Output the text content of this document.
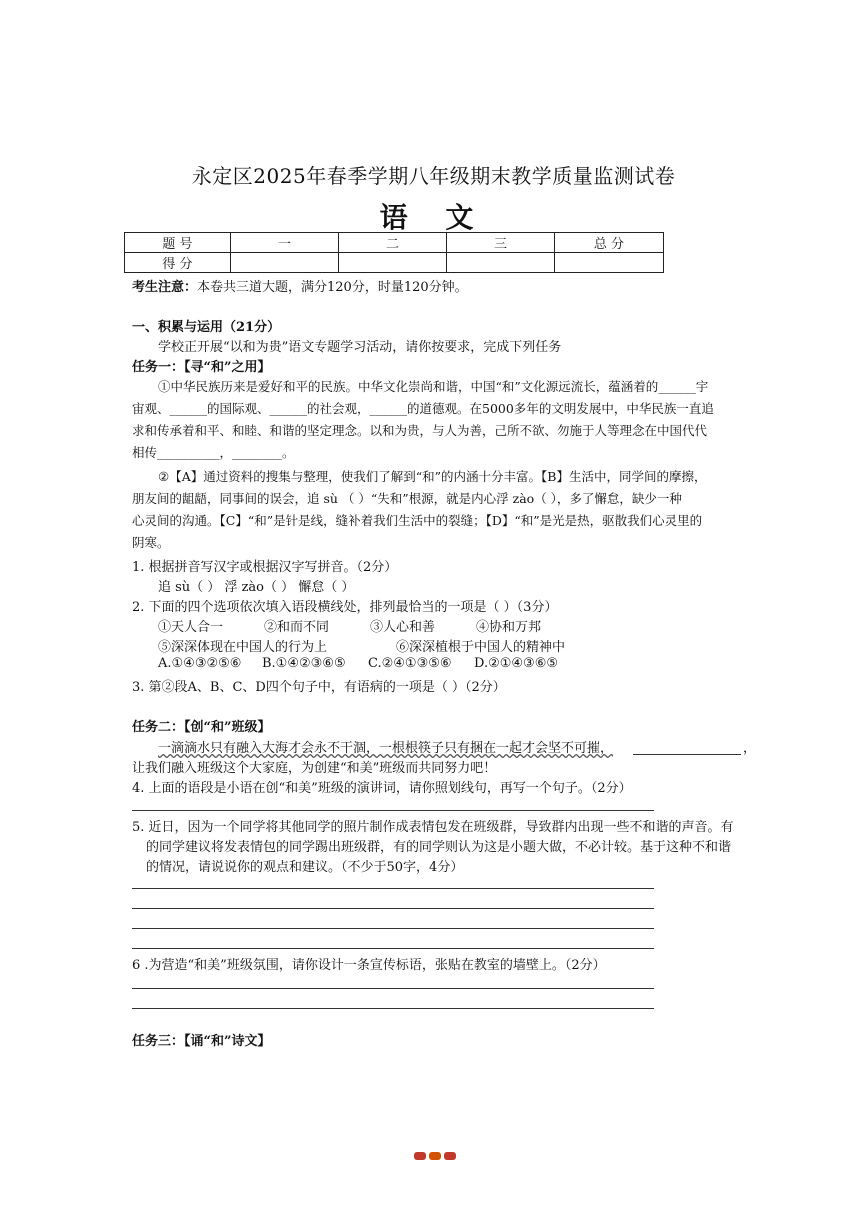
永定区2025年春季学期八年级期末教学质量监测试卷
语 文
题 号	一	二	三	总 分
得 分				
考生注意：本卷共三道大题，满分120分，时量120分钟。
一、积累与运用（21分）
学校正开展“以和为贵”语文专题学习活动，请你按要求，完成下列任务
任务一：【寻“和”之用】
①中华民族历来是爱好和平的民族。中华文化崇尚和谐，中国“和”文化源远流长，蕴涵着的______宇
宙观、______的国际观、______的社会观，______的道德观。在5000多年的文明发展中，中华民族一直追
求和传承着和平、和睦、和谐的坚定理念。以和为贵，与人为善，己所不欲、勿施于人等理念在中国代代
相传__________，________。
②【A】通过资料的搜集与整理，使我们了解到“和”的内涵十分丰富。【B】生活中，同学间的摩擦，
朋友间的龃龉，同事间的误会，追 sù （ ）“失和”根源，就是内心浮 zào（ ），多了懈怠，缺少一种
心灵间的沟通。【C】“和”是针是线，缝补着我们生活中的裂缝；【D】“和”是光是热，驱散我们心灵里的
阴寒。
1. 根据拼音写汉字或根据汉字写拼音。（2分）
追 sù（ ） 浮 zào（ ） 懈怠（ ）
2. 下面的四个选项依次填入语段横线处，排列最恰当的一项是（ ）（3分）
①天人合一	②和而不同	③人心和善	④协和万邦
⑤深深体现在中国人的行为上	⑥深深植根于中国人的精神中
A.①④③②⑤⑥ B.①④②③⑥⑤ C.②④①③⑤⑥ D.②①④③⑥⑤
3. 第②段A、B、C、D四个句子中，有语病的一项是（ ）（2分）
任务二：【创“和”班级】
一滴滴水只有融入大海才会永不干涸，一根根筷子只有捆在一起才会坚不可摧，	，
让我们融入班级这个大家庭，为创建“和美”班级而共同努力吧！
4. 上面的语段是小语在创“和美”班级的演讲词，请你照划线句，再写一个句子。（2分）
5. 近日，因为一个同学将其他同学的照片制作成表情包发在班级群，导致群内出现一些不和谐的声音。有
的同学建议将发表情包的同学踢出班级群，有的同学则认为这是小题大做，不必计较。基于这种不和谐
的情况，请说说你的观点和建议。（不少于50字，4分）
6 .为营造“和美”班级氛围，请你设计一条宣传标语，张贴在教室的墙壁上。（2分）
任务三：【诵“和”诗文】
